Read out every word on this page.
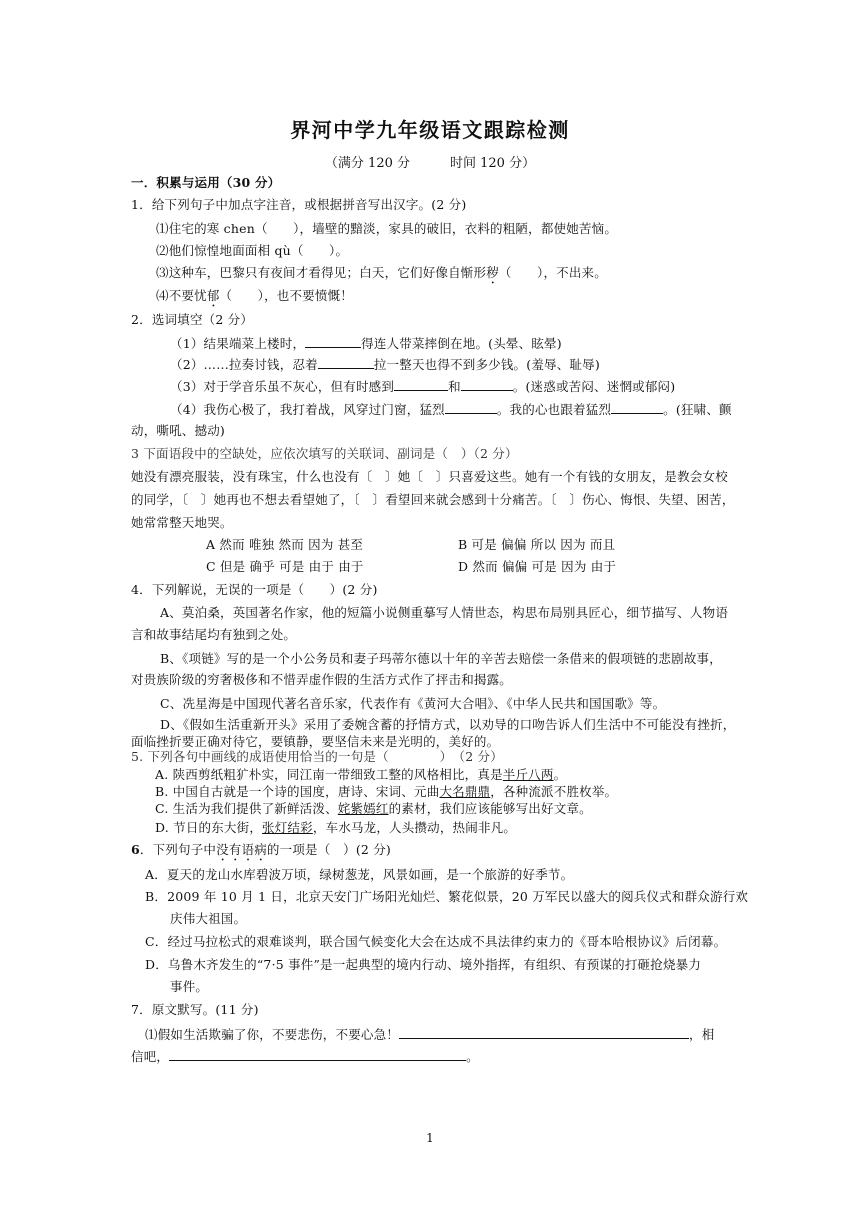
界河中学九年级语文跟踪检测
（满分 120 分	时间 120 分）
一．积累与运用（30 分）
1．给下列句子中加点字注音，或根据拼音写出汉字。(2 分)
⑴住宅的寒 chen（　　），墙壁的黯淡，家具的破旧，衣料的粗陋，都使她苦恼。
⑵他们惊惶地面面相 qù（　　）。
⑶这种车，巴黎只有夜间才看得见；白天，它们好像自惭形秽（　　），不出来。
⑷不要忧郁（　　），也不要愤慨！
2．选词填空（2 分）
（1）结果端菜上楼时，	得连人带菜摔倒在地。(头晕、眩晕)
（2）……拉奏讨钱，忍着	拉一整天也得不到多少钱。(羞辱、耻辱)
（3）对于学音乐虽不灰心，但有时感到	和	。(迷惑或苦闷、迷惘或郁闷)
（4）我伤心极了，我打着战，风穿过门窗，猛烈	。我的心也跟着猛烈	。(狂啸、颤
动，嘶吼、撼动)
3 下面语段中的空缺处，应依次填写的关联词、副词是（　）（2 分）
她没有漂亮服装，没有珠宝，什么也没有〔　〕她〔　〕只喜爱这些。她有一个有钱的女朋友，是教会女校
的同学，〔　〕她再也不想去看望她了，〔　〕看望回来就会感到十分痛苦。〔　〕伤心、悔恨、失望、困苦，
她常常整天地哭。
A 然而 唯独 然而 因为 甚至	B 可是 偏偏 所以 因为 而且
C 但是 确乎 可是 由于 由于	D 然而 偏偏 可是 因为 由于
4．下列解说，无误的一项是（　　）(2 分)
A、莫泊桑，英国著名作家，他的短篇小说侧重摹写人情世态，构思布局别具匠心，细节描写、人物语
言和故事结尾均有独到之处。
B、《项链》写的是一个小公务员和妻子玛蒂尔德以十年的辛苦去赔偿一条借来的假项链的悲剧故事，
对贵族阶级的穷奢极侈和不惜弄虚作假的生活方式作了抨击和揭露。
C、冼星海是中国现代著名音乐家，代表作有《黄河大合唱》、《中华人民共和国国歌》等。
D、《假如生活重新开头》采用了委婉含蓄的抒情方式，以劝导的口吻告诉人们生活中不可能没有挫折，
面临挫折要正确对待它，要镇静，要坚信未来是光明的，美好的。
5. 下列各句中画线的成语使用恰当的一句是（　　　　）　（2 分）
A. 陕西剪纸粗犷朴实，同江南一带细致工整的风格相比，真是半斤八两。
B. 中国自古就是一个诗的国度，唐诗、宋词、元曲大名鼎鼎，各种流派不胜枚举。
C. 生活为我们提供了新鲜活泼、姹紫嫣红的素材，我们应该能够写出好文章。
D. 节日的东大街，张灯结彩，车水马龙，人头攒动，热闹非凡。
6．下列句子中没有语病的一项是（　）(2 分)
A．夏天的龙山水库碧波万顷，绿树葱茏，风景如画，是一个旅游的好季节。
B．2009 年 10 月 1 日，北京天安门广场阳光灿烂、繁花似景，20 万军民以盛大的阅兵仪式和群众游行欢
庆伟大祖国。
C．经过马拉松式的艰难谈判，联合国气候变化大会在达成不具法律约束力的《哥本哈根协议》后闭幕。
D．乌鲁木齐发生的“7·5 事件”是一起典型的境内行动、境外指挥，有组织、有预谋的打砸抢烧暴力
事件。
7．原文默写。(11 分)
⑴假如生活欺骗了你，不要悲伤，不要心急！	，相
信吧，	。
1
